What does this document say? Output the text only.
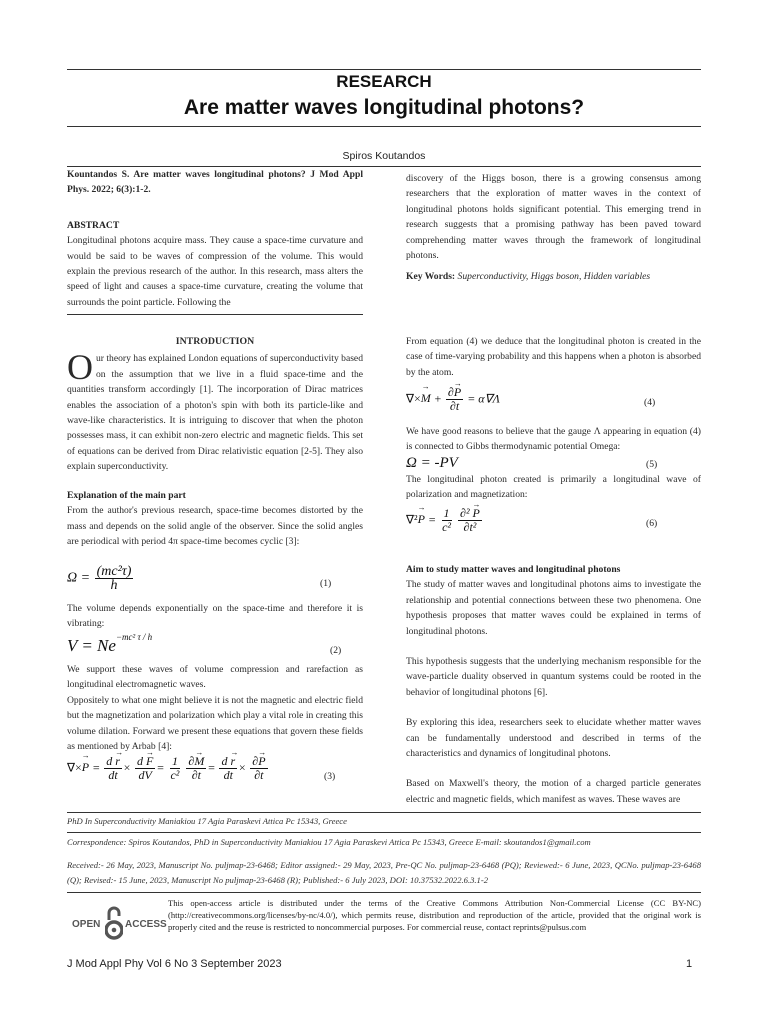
RESEARCH
Are matter waves longitudinal photons?
Spiros Koutandos
Kountandos S. Are matter waves longitudinal photons? J Mod Appl Phys. 2022; 6(3):1-2.
ABSTRACT
Longitudinal photons acquire mass. They cause a space-time curvature and would be said to be waves of compression of the volume. This would explain the previous research of the author. In this research, mass alters the speed of light and causes a space-time curvature, creating the volume that surrounds the point particle. Following the
discovery of the Higgs boson, there is a growing consensus among researchers that the exploration of matter waves in the context of longitudinal photons holds significant potential. This emerging trend in research suggests that a promising pathway has been paved toward comprehending matter waves through the framework of longitudinal photons.
Key Words: Superconductivity, Higgs boson, Hidden variables
INTRODUCTION
Our theory has explained London equations of superconductivity based on the assumption that we live in a fluid space-time and the quantities transform accordingly [1]. The incorporation of Dirac matrices enables the association of a photon's spin with both its particle-like and wave-like characteristics. It is intriguing to discover that when the photon possesses mass, it can exhibit non-zero electric and magnetic fields. This set of equations can be derived from Dirac relativistic equation [2-5]. They also explain superconductivity.
Explanation of the main part
From the author's previous research, space-time becomes distorted by the mass and depends on the solid angle of the observer. Since the solid angles are periodical with period 4π space-time becomes cyclic [3]:
$\Omega = \frac{\text{(mc²τ)}}{h}$	(1)
The volume depends exponentially on the space-time and therefore it is vibrating:
$V = Ne^{-mc^2 \tau / h}$
(2)
We support these waves of volume compression and rarefaction as longitudinal electromagnetic waves.
Oppositely to what one might believe it is not the magnetic and electric field but the magnetization and polarization which play a vital role in creating this volume dilation. Forward we present these equations that govern these fields as mentioned by Arbab [4]:
∇×→ $P = \frac{d \to r}{dt} \times \frac{d \to F}{dV} = \frac{1}{\text{c²}}$
$\frac{\partial\to M}{\partial t} = \frac{d \to r}{dt} \times \frac{\partial\to P}{\partial t}$	(3)
From equation (4) we deduce that the longitudinal photon is created in the case of time-varying probability and this happens when a photon is absorbed by the atom.
∇×→ $M + \frac{\partial\to P}{\partial t} = \alpha\nabla\Lambda$	(4)
We have good reasons to believe that the gauge Λ appearing in equation (4) is connected to Gibbs thermodynamic potential Omega:
Ω = -PV	(5)
The longitudinal photon created is primarily a longitudinal wave of polarization and magnetization:
$\nabla^2\to P = \frac{1}{\text{c²}}$
$\frac{\text{∂² → P}}{\text{∂t²}}$	(6)
Aim to study matter waves and longitudinal photons
The study of matter waves and longitudinal photons aims to investigate the relationship and potential connections between these two phenomena. One hypothesis proposes that matter waves could be explained in terms of longitudinal photons.
This hypothesis suggests that the underlying mechanism responsible for the wave-particle duality observed in quantum systems could be rooted in the behavior of longitudinal photons [6].
By exploring this idea, researchers seek to elucidate whether matter waves can be fundamentally understood and described in terms of the characteristics and dynamics of longitudinal photons.
Based on Maxwell's theory, the motion of a charged particle generates electric and magnetic fields, which manifest as waves. These waves are
PhD In Superconductivity Maniakiou 17 Agia Paraskevi Attica Pc 15343, Greece
Correspondence: Spiros Koutandos, PhD in Superconductivity Maniakiou 17 Agia Paraskevi Attica Pc 15343, Greece E-mail: skoutandos1@gmail.com
Received:- 26 May, 2023, Manuscript No. puljmap-23-6468; Editor assigned:- 29 May, 2023, Pre-QC No. puljmap-23-6468 (PQ); Reviewed:- 6 June, 2023, QCNo. puljmap-23-6468 (Q); Revised:- 15 June, 2023, Manuscript No puljmap-23-6468 (R); Published:- 6 July 2023, DOI: 10.37532.2022.6.3.1-2
OPEN ACCESS
This open-access article is distributed under the terms of the Creative Commons Attribution Non-Commercial License (CC BY-NC) (http://creativecommons.org/licenses/by-nc/4.0/), which permits reuse, distribution and reproduction of the article, provided that the original work is properly cited and the reuse is restricted to noncommercial purposes. For commercial reuse, contact reprints@pulsus.com
J Mod Appl Phy Vol 6 No 3 September 2023	1
